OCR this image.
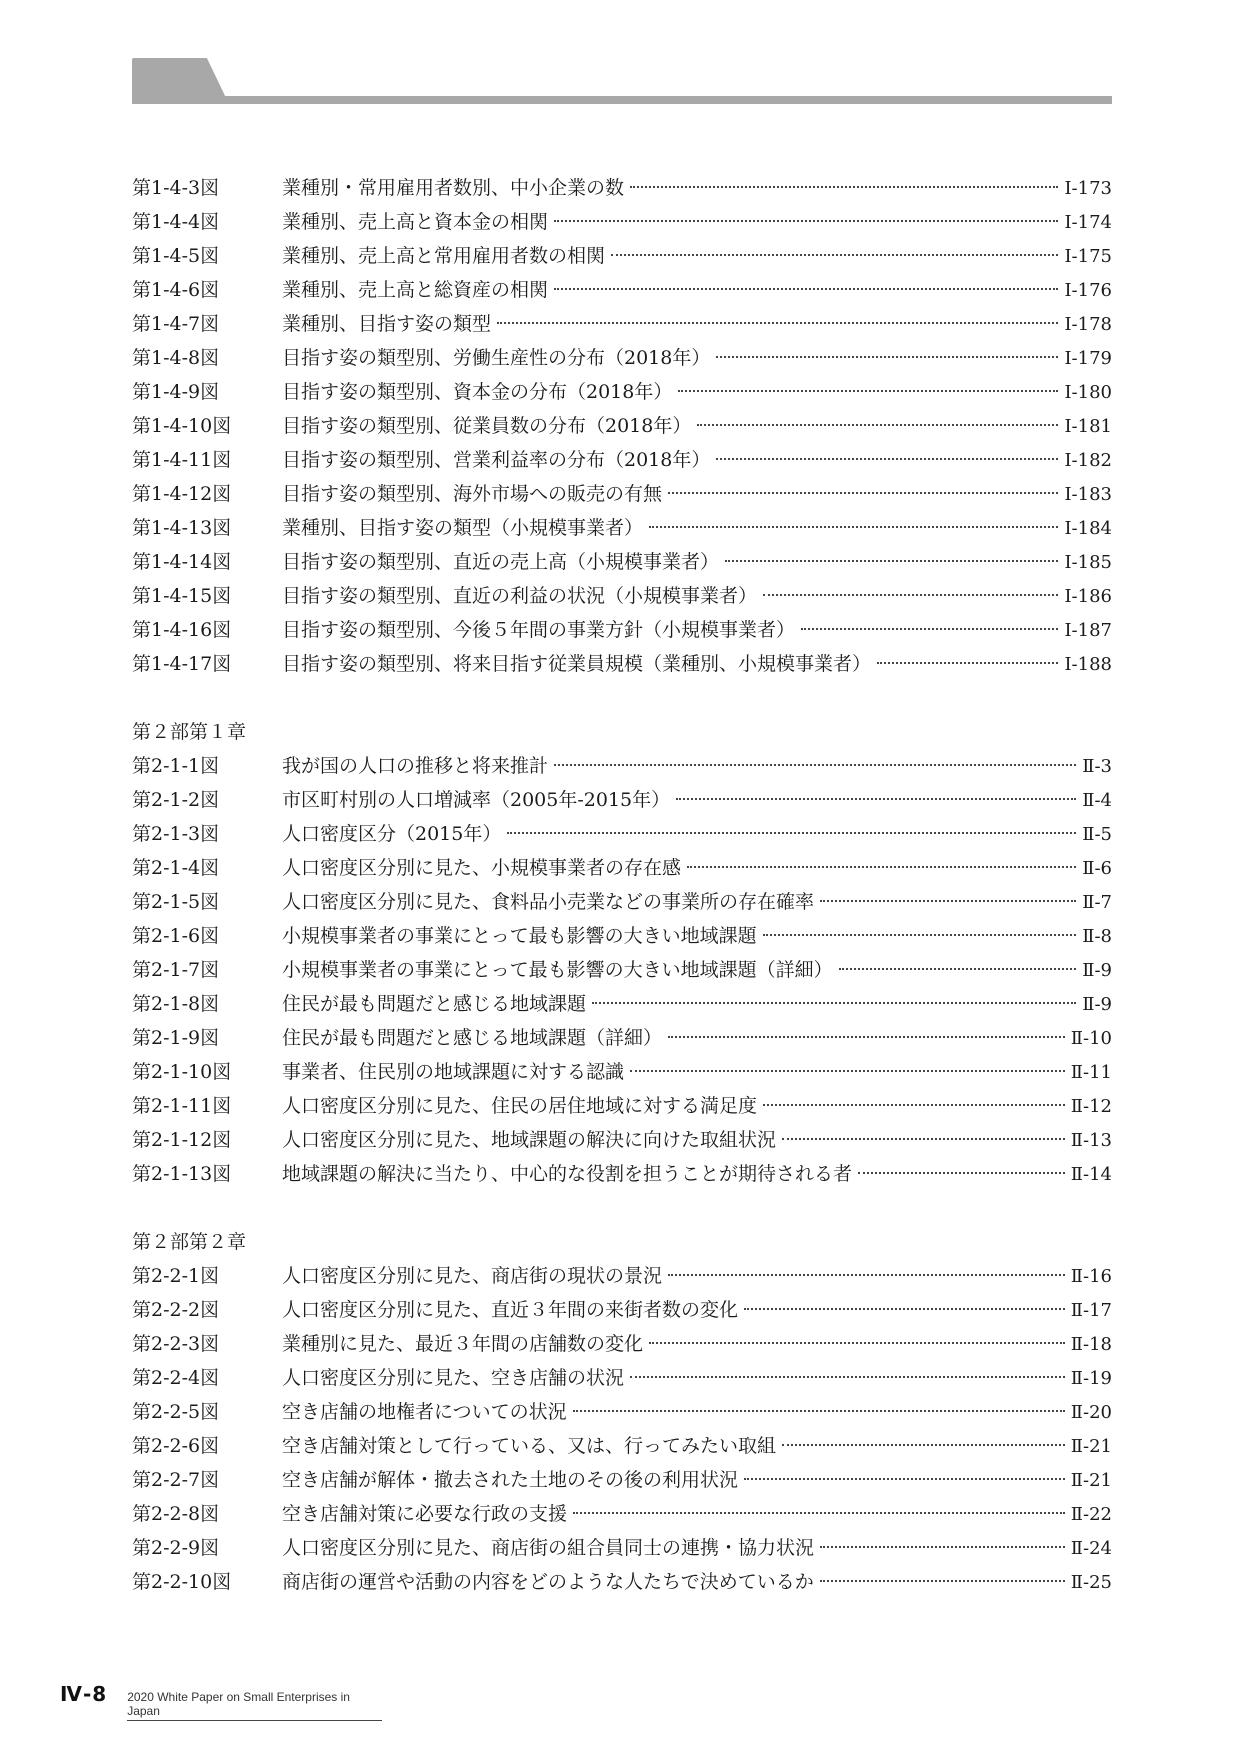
第1-4-3図	業種別・常用雇用者数別、中小企業の数	Ⅰ-173
第1-4-4図	業種別、売上高と資本金の相関	Ⅰ-174
第1-4-5図	業種別、売上高と常用雇用者数の相関	Ⅰ-175
第1-4-6図	業種別、売上高と総資産の相関	Ⅰ-176
第1-4-7図	業種別、目指す姿の類型	Ⅰ-178
第1-4-8図	目指す姿の類型別、労働生産性の分布（2018年）	Ⅰ-179
第1-4-9図	目指す姿の類型別、資本金の分布（2018年）	Ⅰ-180
第1-4-10図	目指す姿の類型別、従業員数の分布（2018年）	Ⅰ-181
第1-4-11図	目指す姿の類型別、営業利益率の分布（2018年）	Ⅰ-182
第1-4-12図	目指す姿の類型別、海外市場への販売の有無	Ⅰ-183
第1-4-13図	業種別、目指す姿の類型（小規模事業者）	Ⅰ-184
第1-4-14図	目指す姿の類型別、直近の売上高（小規模事業者）	Ⅰ-185
第1-4-15図	目指す姿の類型別、直近の利益の状況（小規模事業者）	Ⅰ-186
第1-4-16図	目指す姿の類型別、今後５年間の事業方針（小規模事業者）	Ⅰ-187
第1-4-17図	目指す姿の類型別、将来目指す従業員規模（業種別、小規模事業者）	Ⅰ-188
第２部第１章
第2-1-1図	我が国の人口の推移と将来推計	Ⅱ-3
第2-1-2図	市区町村別の人口増減率（2005年-2015年）	Ⅱ-4
第2-1-3図	人口密度区分（2015年）	Ⅱ-5
第2-1-4図	人口密度区分別に見た、小規模事業者の存在感	Ⅱ-6
第2-1-5図	人口密度区分別に見た、食料品小売業などの事業所の存在確率	Ⅱ-7
第2-1-6図	小規模事業者の事業にとって最も影響の大きい地域課題	Ⅱ-8
第2-1-7図	小規模事業者の事業にとって最も影響の大きい地域課題（詳細）	Ⅱ-9
第2-1-8図	住民が最も問題だと感じる地域課題	Ⅱ-9
第2-1-9図	住民が最も問題だと感じる地域課題（詳細）	Ⅱ-10
第2-1-10図	事業者、住民別の地域課題に対する認識	Ⅱ-11
第2-1-11図	人口密度区分別に見た、住民の居住地域に対する満足度	Ⅱ-12
第2-1-12図	人口密度区分別に見た、地域課題の解決に向けた取組状況	Ⅱ-13
第2-1-13図	地域課題の解決に当たり、中心的な役割を担うことが期待される者	Ⅱ-14
第２部第２章
第2-2-1図	人口密度区分別に見た、商店街の現状の景況	Ⅱ-16
第2-2-2図	人口密度区分別に見た、直近３年間の来街者数の変化	Ⅱ-17
第2-2-3図	業種別に見た、最近３年間の店舗数の変化	Ⅱ-18
第2-2-4図	人口密度区分別に見た、空き店舗の状況	Ⅱ-19
第2-2-5図	空き店舗の地権者についての状況	Ⅱ-20
第2-2-6図	空き店舗対策として行っている、又は、行ってみたい取組	Ⅱ-21
第2-2-7図	空き店舗が解体・撤去された土地のその後の利用状況	Ⅱ-21
第2-2-8図	空き店舗対策に必要な行政の支援	Ⅱ-22
第2-2-9図	人口密度区分別に見た、商店街の組合員同士の連携・協力状況	Ⅱ-24
第2-2-10図	商店街の運営や活動の内容をどのような人たちで決めているか	Ⅱ-25
Ⅳ-8 2020 White Paper on Small Enterprises in Japan
